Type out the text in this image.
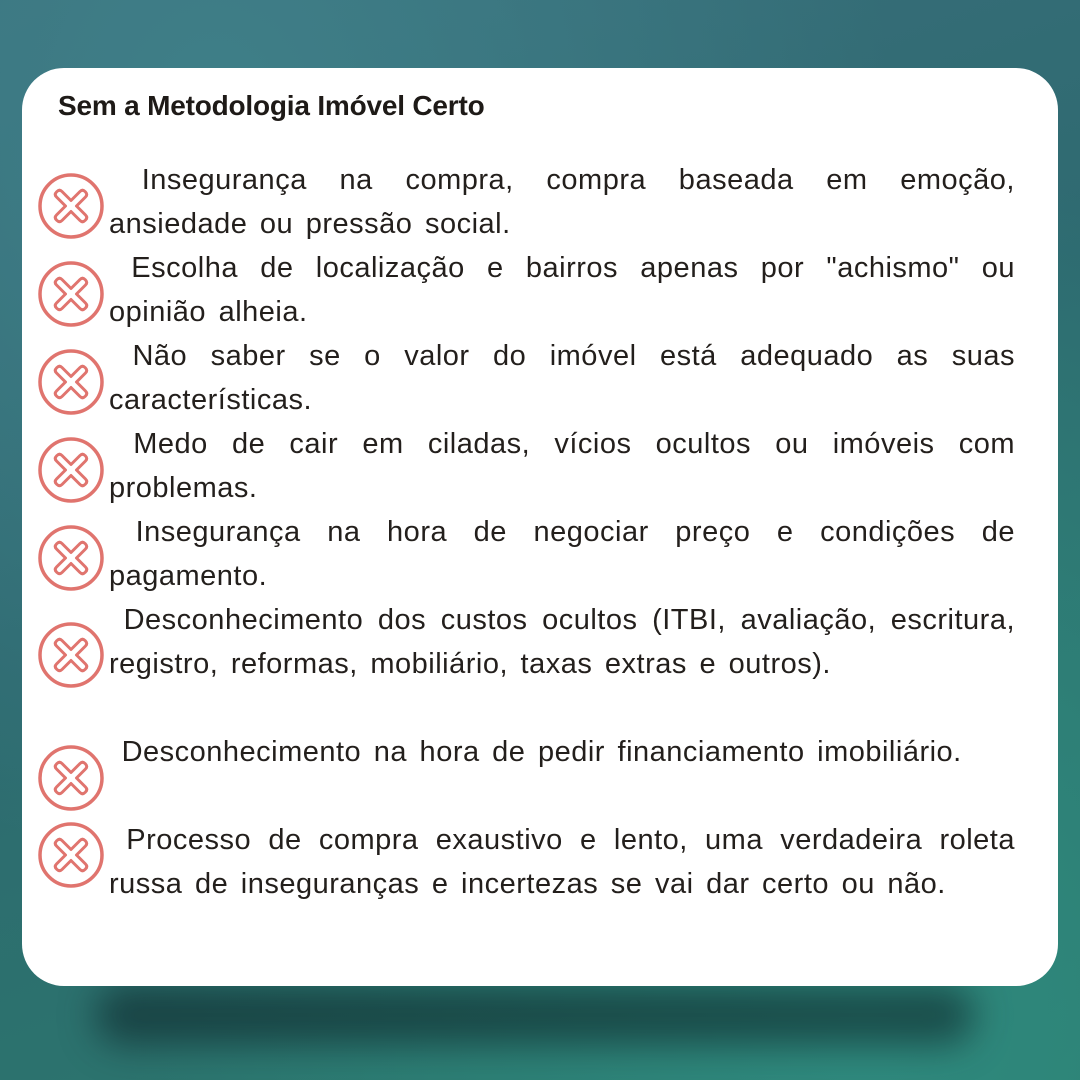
Sem a Metodologia Imóvel Certo

Insegurança na compra, compra baseada em emoção, ansiedade ou pressão social.

Escolha de localização e bairros apenas por "achismo" ou opinião alheia.

Não saber se o valor do imóvel está adequado as suas características.

Medo de cair em ciladas, vícios ocultos ou imóveis com problemas.

Insegurança na hora de negociar preço e condições de pagamento.

Desconhecimento dos custos ocultos (ITBI, avaliação, escritura, registro, reformas, mobiliário, taxas extras e outros).

Desconhecimento na hora de pedir financiamento imobiliário.

Processo de compra exaustivo e lento, uma verdadeira roleta russa de inseguranças e incertezas se vai dar certo ou não.
